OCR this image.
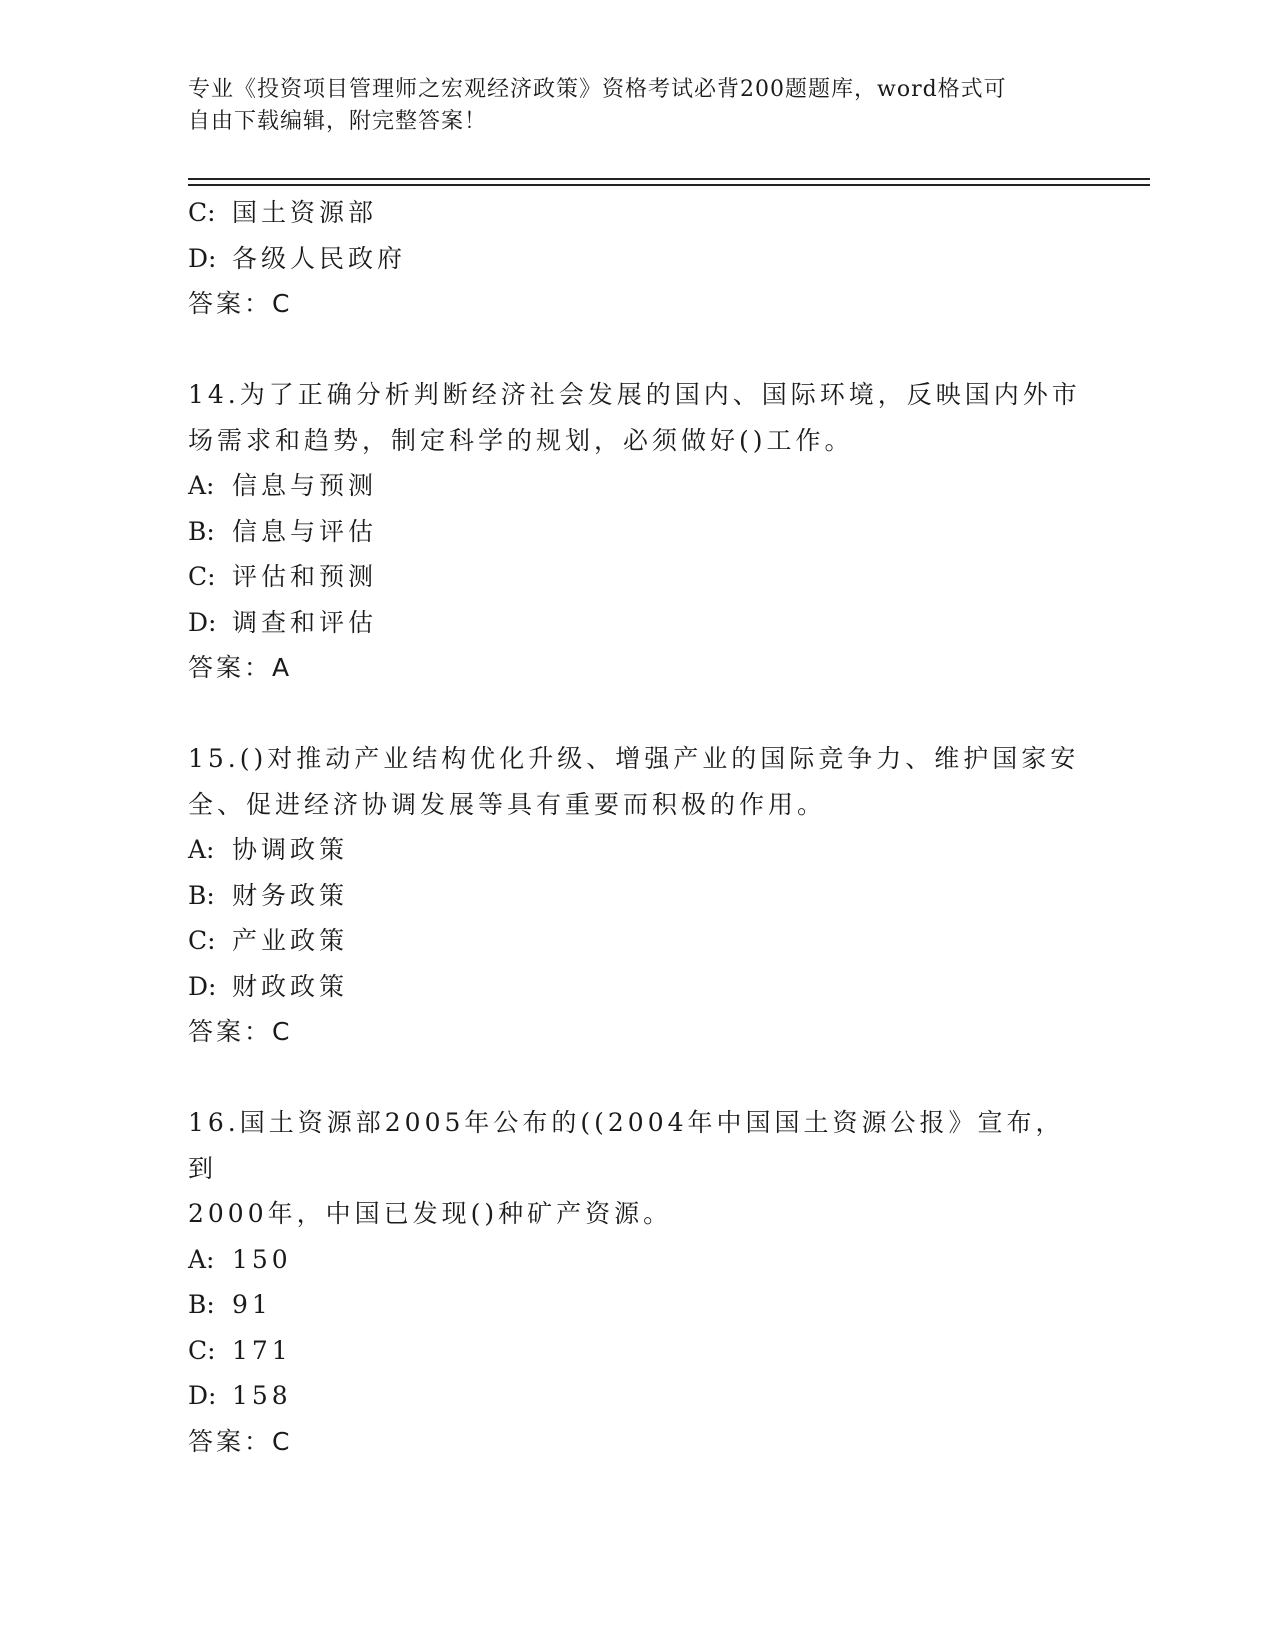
专业《投资项目管理师之宏观经济政策》资格考试必背200题题库，word格式可
自由下载编辑，附完整答案！
C: 国土资源部
D: 各级人民政府
答案：C
14.为了正确分析判断经济社会发展的国内、国际环境，反映国内外市
场需求和趋势，制定科学的规划，必须做好()工作。
A: 信息与预测
B: 信息与评估
C: 评估和预测
D: 调查和评估
答案：A
15.()对推动产业结构优化升级、增强产业的国际竞争力、维护国家安
全、促进经济协调发展等具有重要而积极的作用。
A: 协调政策
B: 财务政策
C: 产业政策
D: 财政政策
答案：C
16.国土资源部2005年公布的((2004年中国国土资源公报》宣布，到
2000年，中国已发现()种矿产资源。
A: 150
B: 91
C: 171
D: 158
答案：C
